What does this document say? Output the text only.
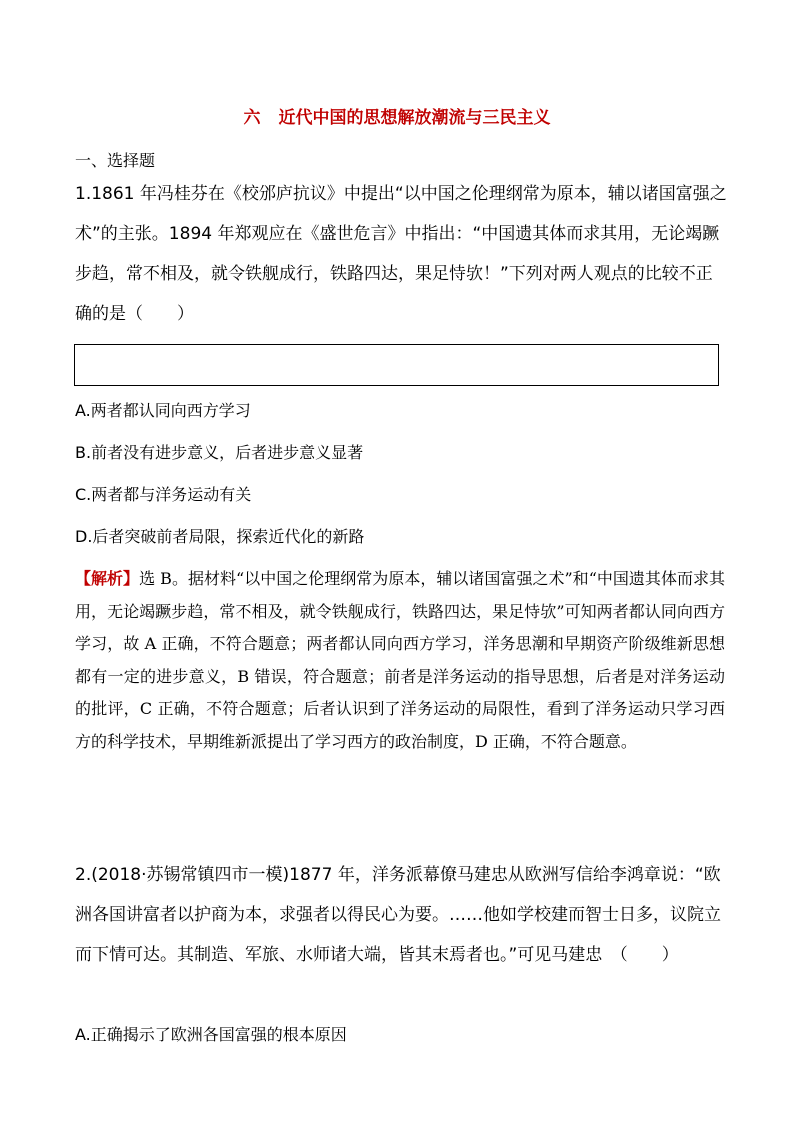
六 近代中国的思想解放潮流与三民主义
一、选择题

1.1861 年冯桂芬在《校邠庐抗议》中提出“以中国之伦理纲常为原本，辅以诸国富强之术”的主张。1894 年郑观应在《盛世危言》中指出：“中国遗其体而求其用，无论竭蹶步趋，常不相及，就令铁舰成行，铁路四达，果足恃欤！”下列对两人观点的比较不正确的是（　　）

A.两者都认同向西方学习
B.前者没有进步意义，后者进步意义显著
C.两者都与洋务运动有关
D.后者突破前者局限，探索近代化的新路
【解析】选 B。据材料“以中国之伦理纲常为原本，辅以诸国富强之术”和“中国遗其体而求其用，无论竭蹶步趋，常不相及，就令铁舰成行，铁路四达，果足恃欤”可知两者都认同向西方学习，故 A 正确，不符合题意；两者都认同向西方学习，洋务思潮和早期资产阶级维新思想都有一定的进步意义，B 错误，符合题意；前者是洋务运动的指导思想，后者是对洋务运动的批评，C 正确，不符合题意；后者认识到了洋务运动的局限性，看到了洋务运动只学习西方的科学技术，早期维新派提出了学习西方的政治制度，D 正确，不符合题意。

2.(2018·苏锡常镇四市一模)1877 年，洋务派幕僚马建忠从欧洲写信给李鸿章说：“欧洲各国讲富者以护商为本，求强者以得民心为要。……他如学校建而智士日多，议院立而下情可达。其制造、军旅、水师诸大端，皆其末焉者也。”可见马建忠　（　　）

A.正确揭示了欧洲各国富强的根本原因
